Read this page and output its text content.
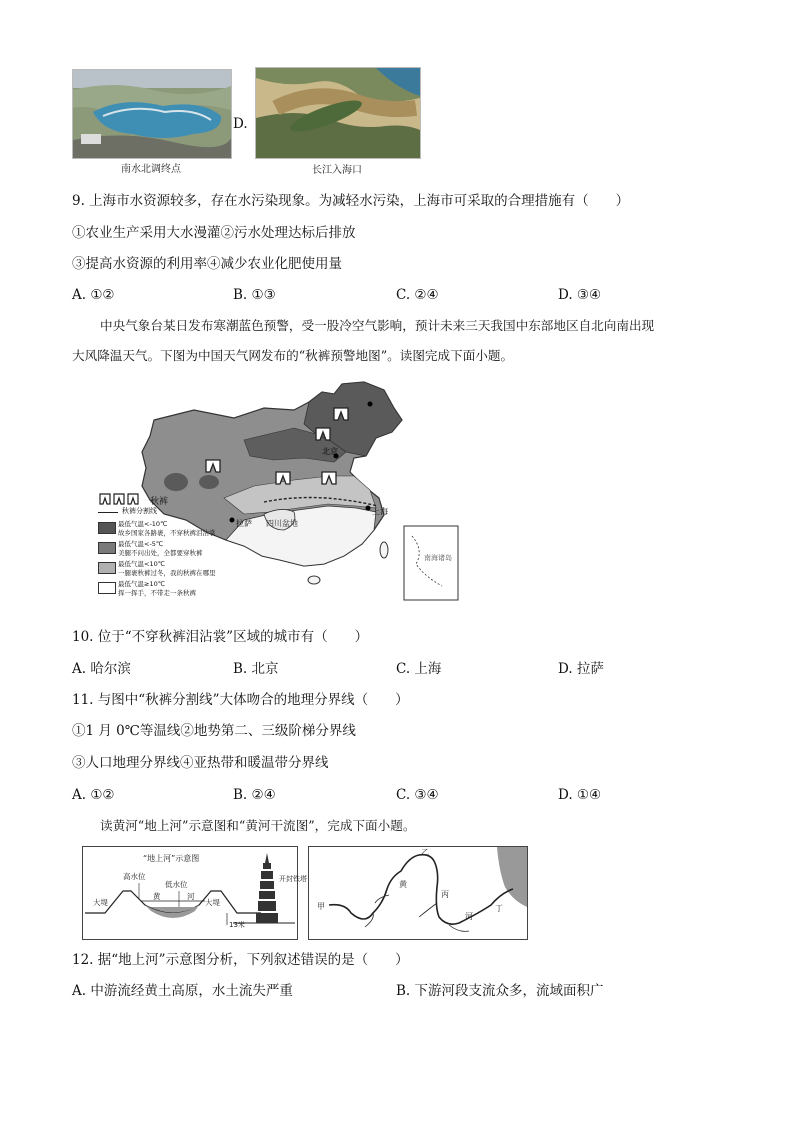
南水北调终点
D.
长江入海口
9. 上海市水资源较多，存在水污染现象。为减轻水污染，上海市可采取的合理措施有（　　）
①农业生产采用大水漫灌②污水处理达标后排放
③提高水资源的利用率④减少农业化肥使用量
A. ①②	B. ①③	C. ②④	D. ③④
中央气象台某日发布寒潮蓝色预警，受一股冷空气影响，预计未来三天我国中东部地区自北向南出现
大风降温天气。下图为中国天气网发布的“秋裤预警地图”。读图完成下面小题。
四川盆地
北京
上海
拉萨
南海诸岛
秋裤
秋裤分割线
最低气温<-10℃
故乡国家各路裹，不穿秋裤泪沾裳
最低气温<-5℃
美腿不问出处，全都要穿秋裤
最低气温<10℃
一腿裹秋裤过冬，我的秋裤在哪里
最低气温≥10℃
挥一挥手，不带走一条秋裤
10. 位于“不穿秋裤泪沾裳”区域的城市有（　　）
A. 哈尔滨	B. 北京	C. 上海	D. 拉萨
11. 与图中“秋裤分割线”大体吻合的地理分界线（　　）
①1 月 0℃等温线②地势第二、三级阶梯分界线
③人口地理分界线④亚热带和暖温带分界线
A. ①②	B. ②④	C. ③④	D. ①④
读黄河“地上河”示意图和“黄河干流图”，完成下面小题。
“地上河”示意图
高水位
低水位
黄	河
大堤	大堤
13米
开封铁塔
甲
乙
丙
丁
黄
河
12. 据“地上河”示意图分析，下列叙述错误的是（　　）
A. 中游流经黄土高原，水土流失严重	B. 下游河段支流众多，流域面积广
